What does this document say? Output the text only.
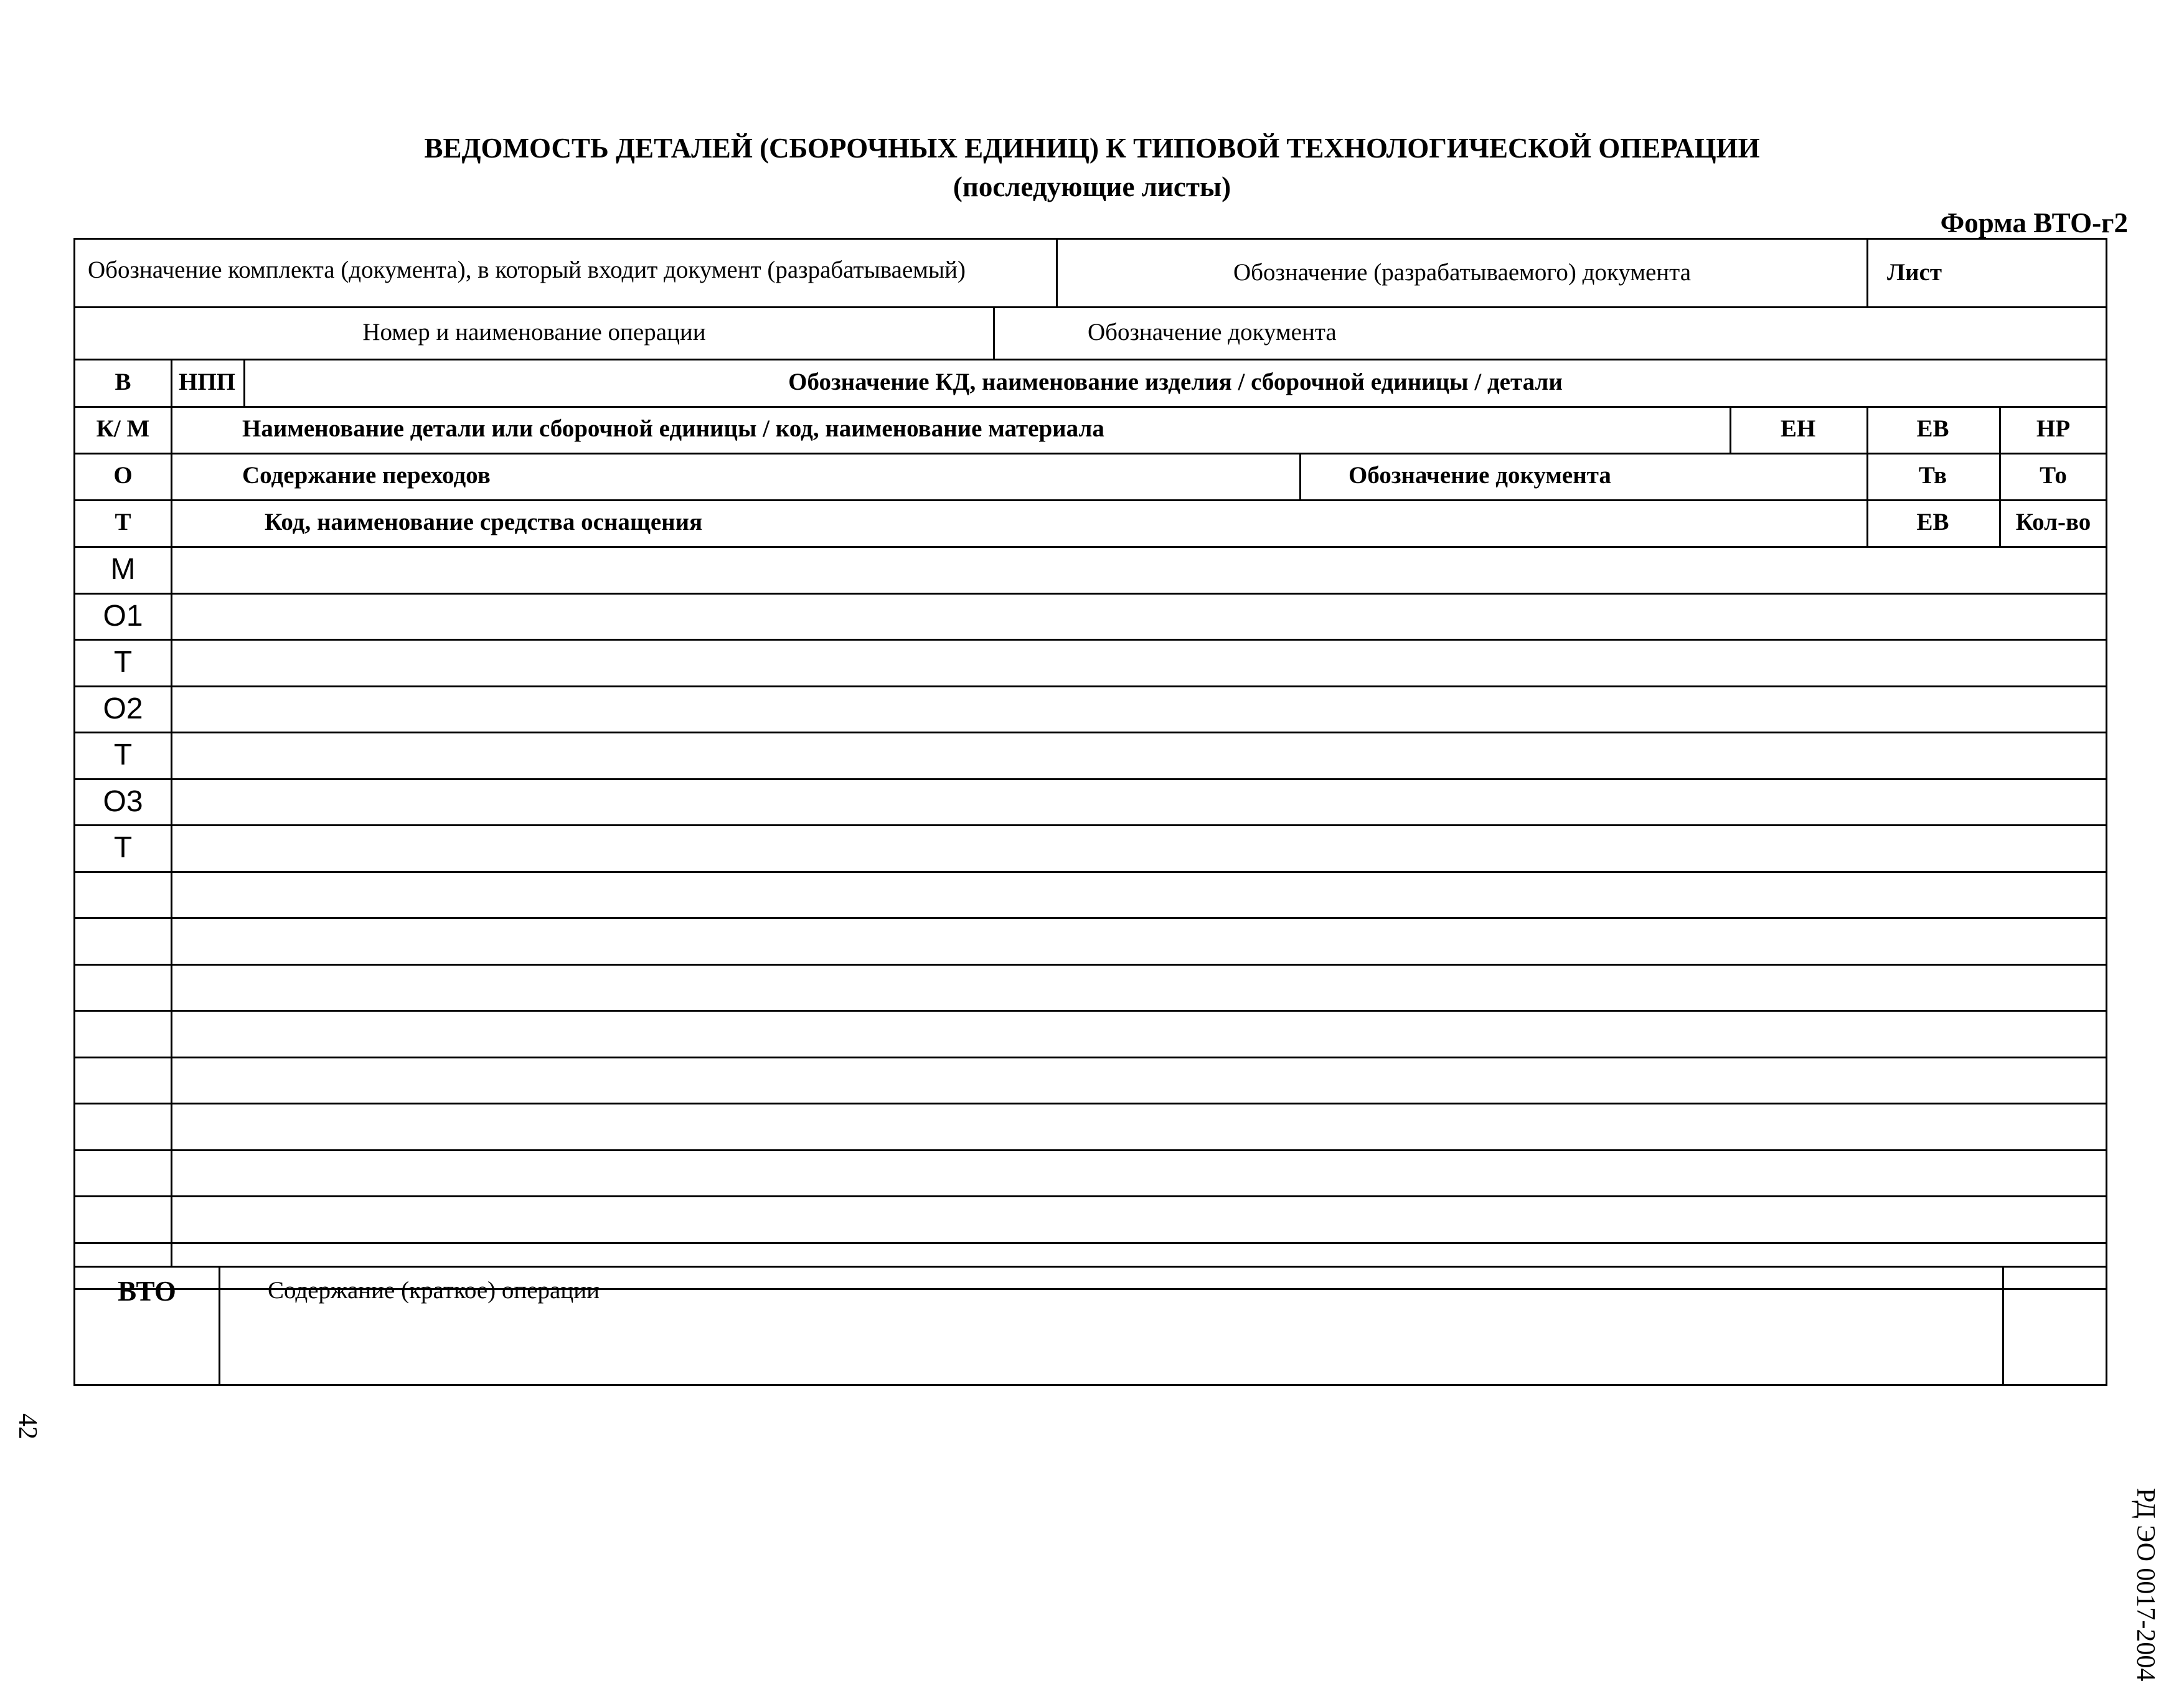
ВЕДОМОСТЬ ДЕТАЛЕЙ (СБОРОЧНЫХ ЕДИНИЦ) К ТИПОВОЙ ТЕХНОЛОГИЧЕСКОЙ ОПЕРАЦИИ
(последующие листы)
Форма ВТО-г2
Обозначение комплекта (документа), в который входит документ (разрабатываемый)	Обозначение (разрабатываемого) документа	Лист
Номер и наименование операции	Обозначение документа
В	НПП	Обозначение КД, наименование изделия / сборочной единицы / детали
К/ М	Наименование детали или сборочной единицы / код, наименование материала	ЕН	ЕВ	НР
О	Содержание переходов	Обозначение документа	Тв	То
Т	Код, наименование средства оснащения	ЕВ	Кол-во
М
О1
Т
О2
Т
О3
Т
ВТО	Содержание (краткое) операции
РД ЭО 0017-2004
42
